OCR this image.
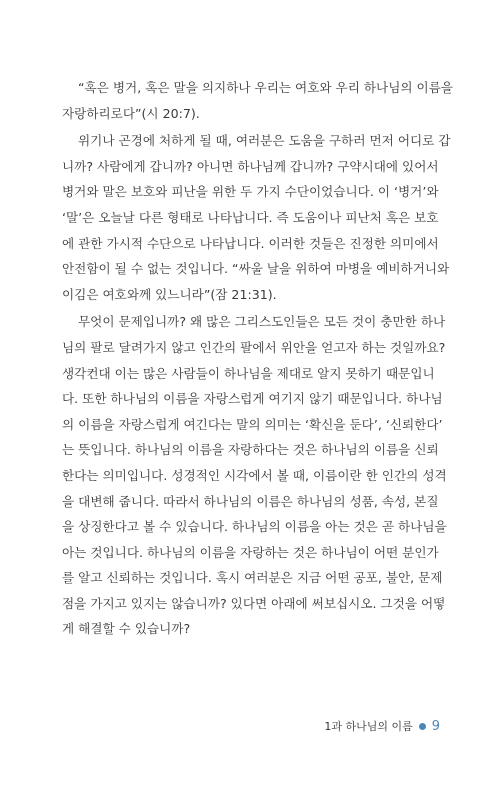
“혹은 병거, 혹은 말을 의지하나 우리는 여호와 우리 하나님의 이름을
자랑하리로다”(시 20:7).

위기나 곤경에 처하게 될 때, 여러분은 도움을 구하러 먼저 어디로 갑
니까? 사람에게 갑니까? 아니면 하나님께 갑니까? 구약시대에 있어서
병거와 말은 보호와 피난을 위한 두 가지 수단이었습니다. 이 ‘병거’와
‘말’은 오늘날 다른 형태로 나타납니다. 즉 도움이나 피난처 혹은 보호
에 관한 가시적 수단으로 나타납니다. 이러한 것들은 진정한 의미에서
안전함이 될 수 없는 것입니다. “싸울 날을 위하여 마병을 예비하거니와
이김은 여호와께 있느니라”(잠 21:31).

무엇이 문제입니까? 왜 많은 그리스도인들은 모든 것이 충만한 하나
님의 팔로 달려가지 않고 인간의 팔에서 위안을 얻고자 하는 것일까요?
생각컨대 이는 많은 사람들이 하나님을 제대로 알지 못하기 때문입니
다. 또한 하나님의 이름을 자랑스럽게 여기지 않기 때문입니다. 하나님
의 이름을 자랑스럽게 여긴다는 말의 의미는 ‘확신을 둔다’, ‘신뢰한다’
는 뜻입니다. 하나님의 이름을 자랑하다는 것은 하나님의 이름을 신뢰
한다는 의미입니다. 성경적인 시각에서 볼 때, 이름이란 한 인간의 성격
을 대변해 줍니다. 따라서 하나님의 이름은 하나님의 성품, 속성, 본질
을 상징한다고 볼 수 있습니다. 하나님의 이름을 아는 것은 곧 하나님을
아는 것입니다. 하나님의 이름을 자랑하는 것은 하나님이 어떤 분인가
를 알고 신뢰하는 것입니다. 혹시 여러분은 지금 어떤 공포, 불안, 문제
점을 가지고 있지는 않습니까? 있다면 아래에 써보십시오. 그것을 어떻
게 해결할 수 있습니까?

1과 하나님의 이름 9
